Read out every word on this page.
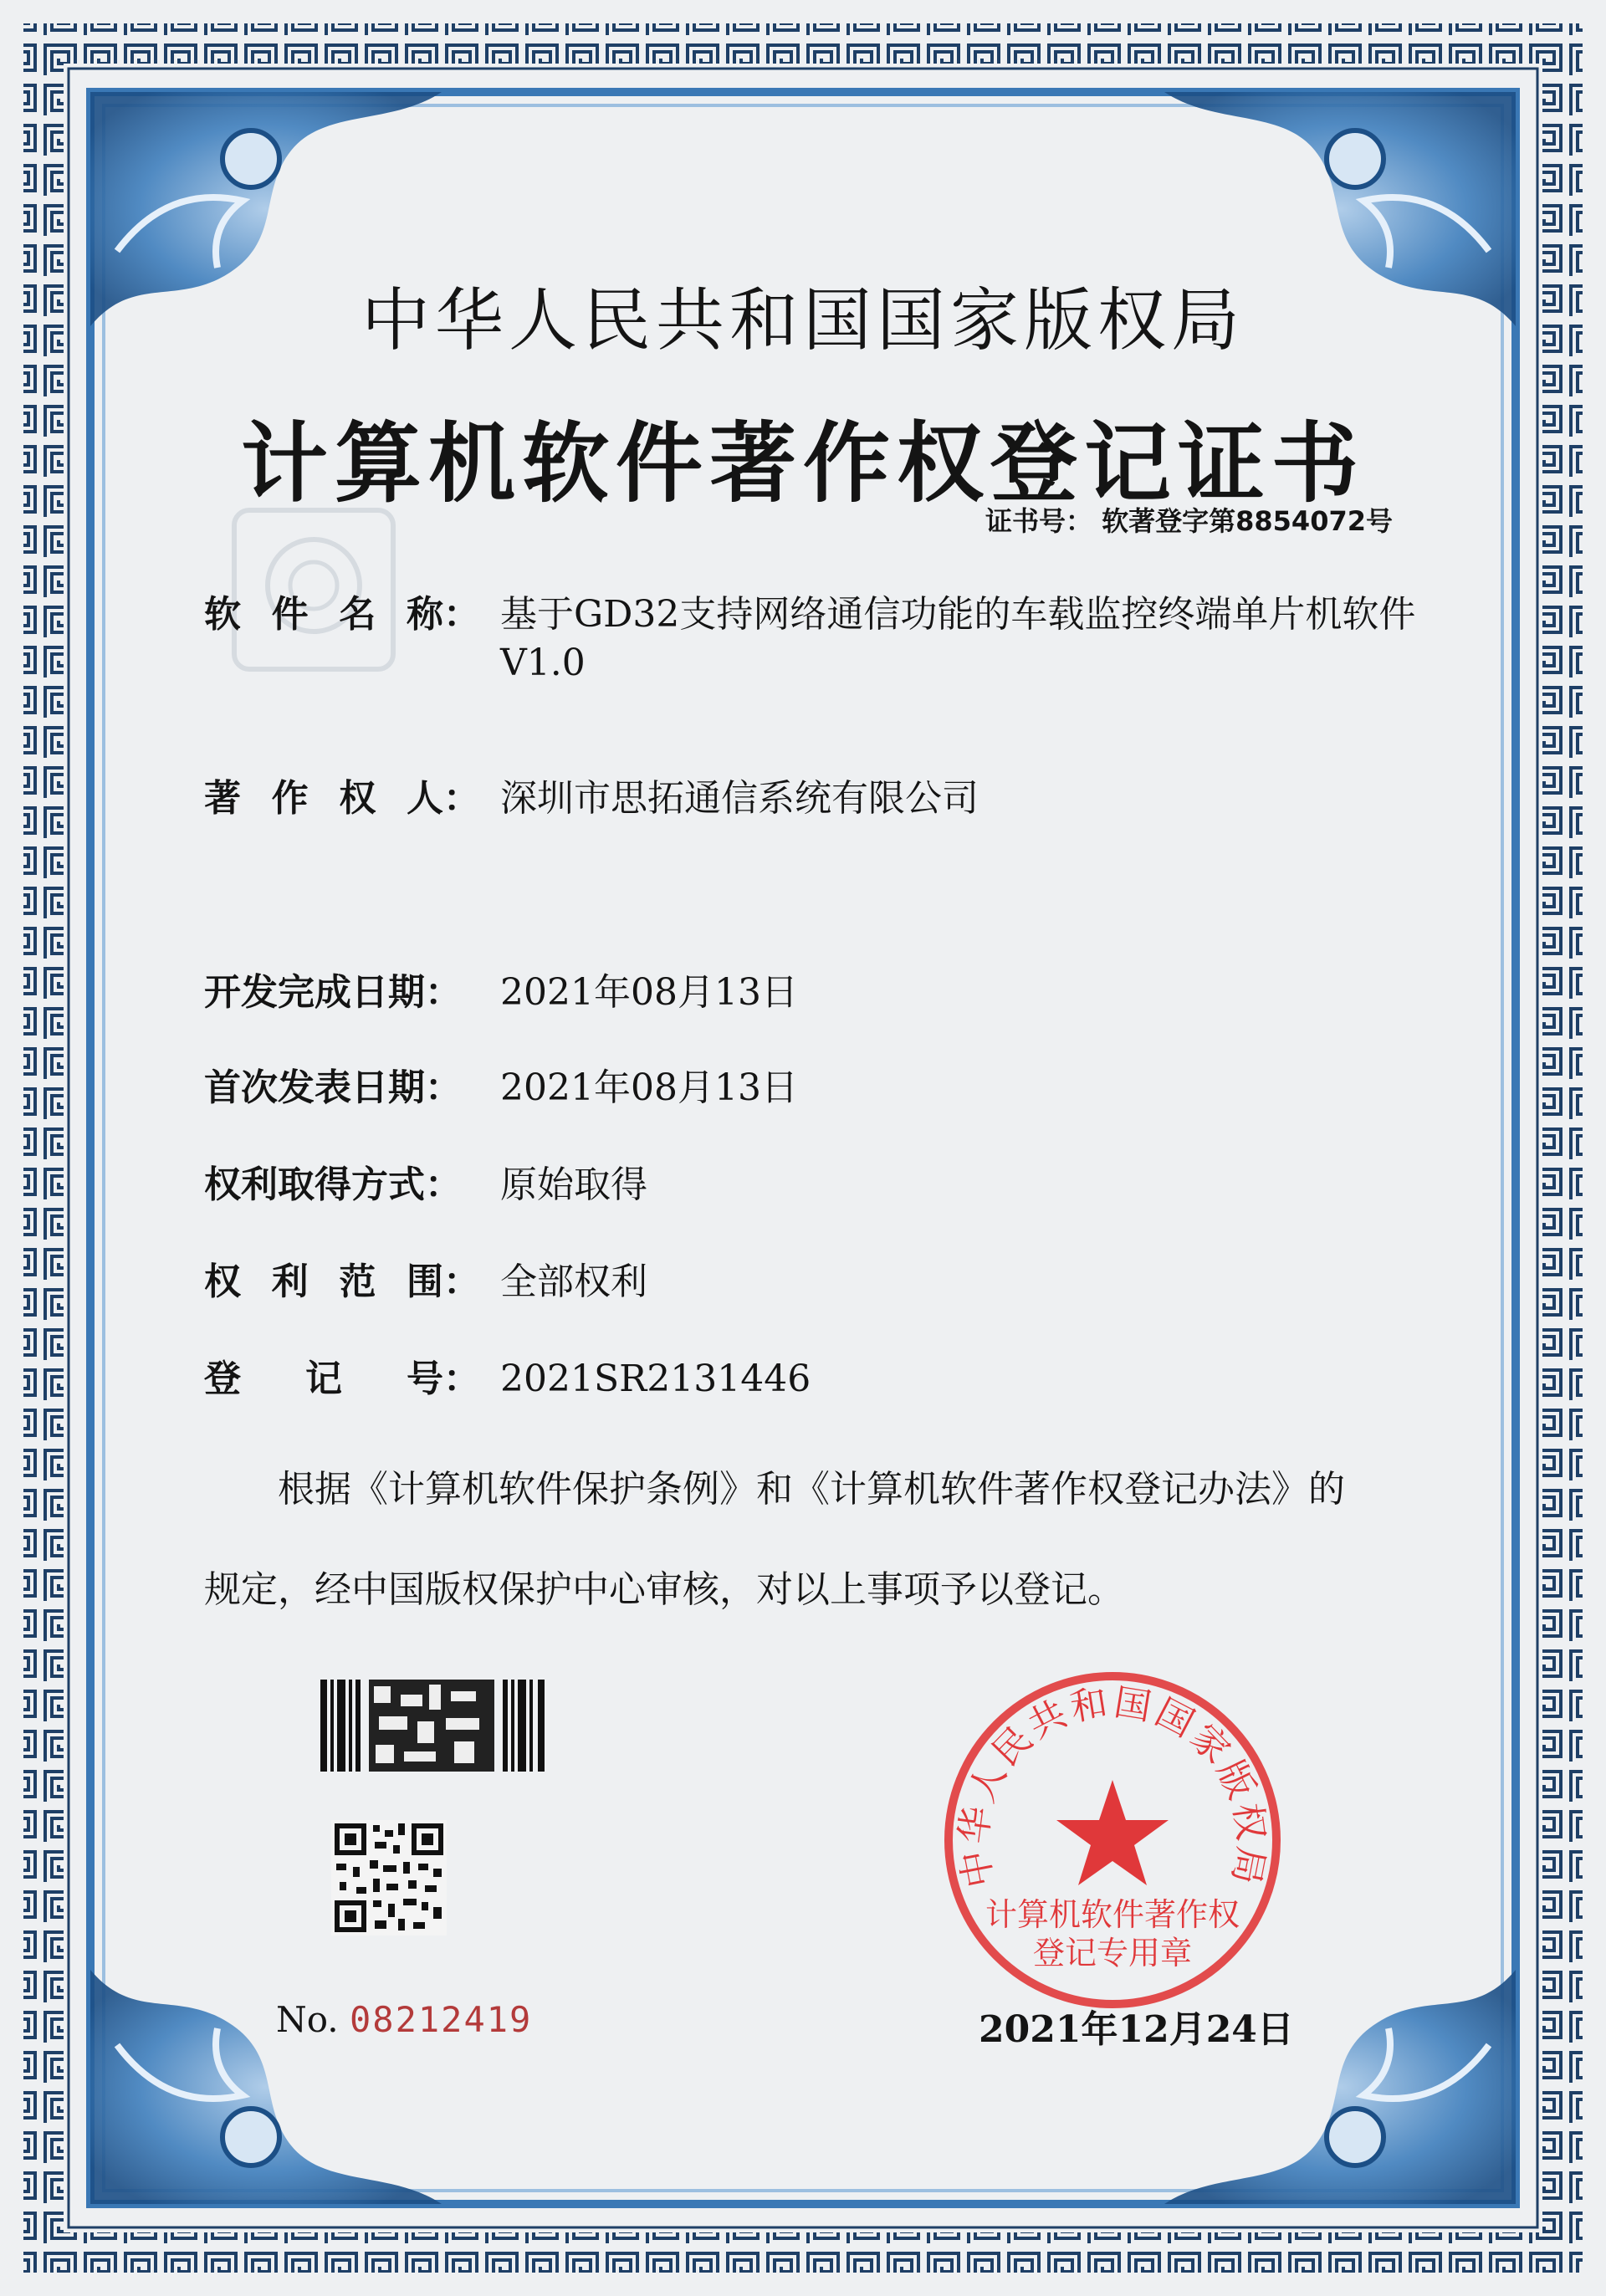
中华人民共和国国家版权局
计算机软件著作权登记证书
证书号： 软著登字第8854072号
软 件 名 称： 基于GD32支持网络通信功能的车载监控终端单片机软件
V1.0
著 作 权 人： 深圳市思拓通信系统有限公司
开发完成日期：	2021年08月13日
首次发表日期：	2021年08月13日
权利取得方式：	原始取得
权 利 范 围： 全部权利
登 记 号： 2021SR2131446
根据《计算机软件保护条例》和《计算机软件著作权登记办法》的
规定，经中国版权保护中心审核，对以上事项予以登记。
No. 08212419
中华人民共和国国家版权局
计算机软件著作权
登记专用章
2021年12月24日
